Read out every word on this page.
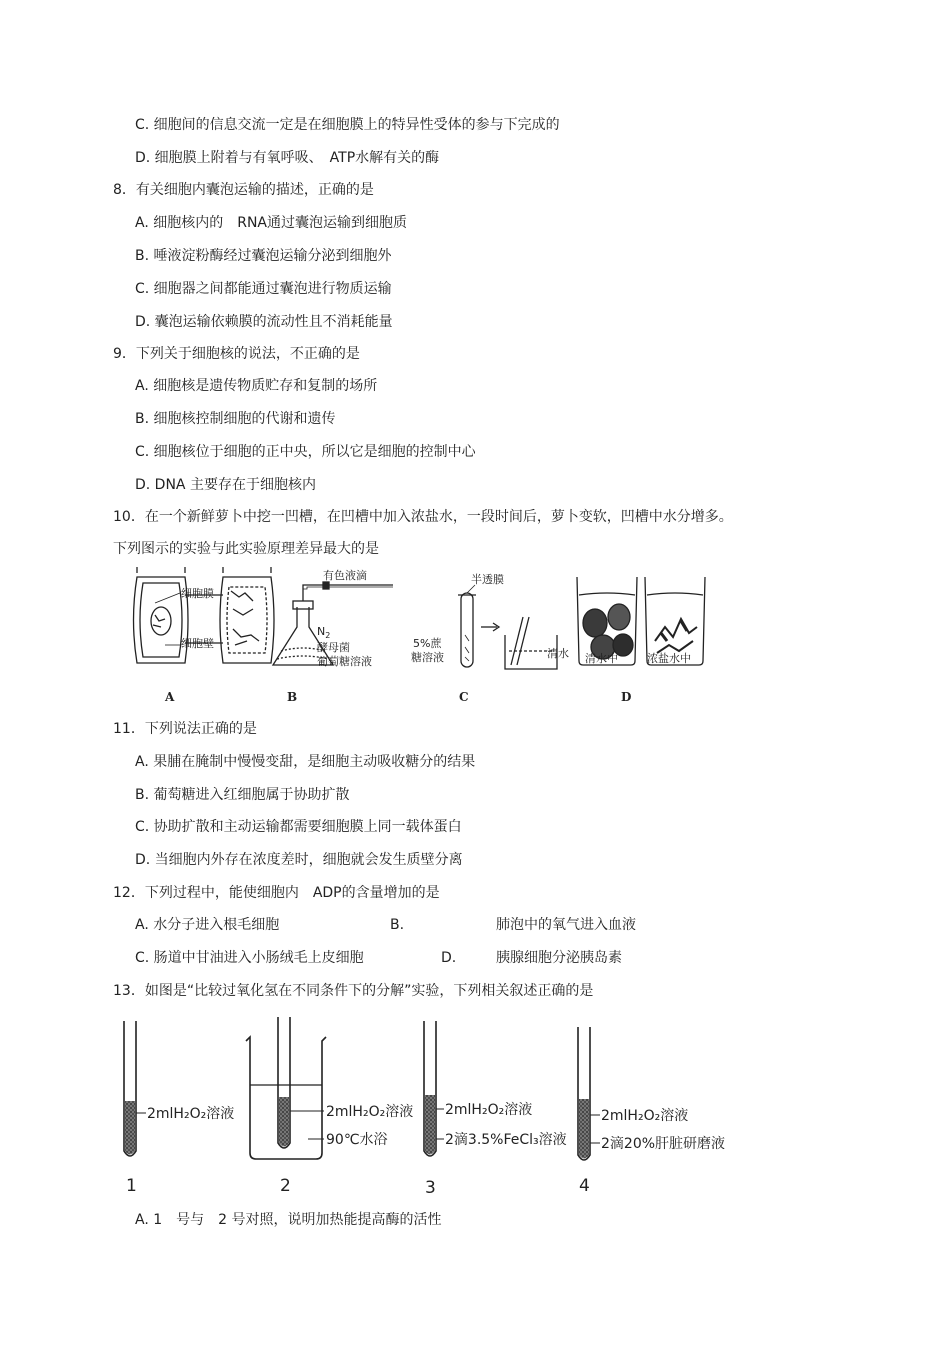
C. 细胞间的信息交流一定是在细胞膜上的特异性受体的参与下完成的
D. 细胞膜上附着与有氧呼吸、　ATP水解有关的酶
8．有关细胞内囊泡运输的描述，正确的是
A. 细胞核内的　RNA通过囊泡运输到细胞质
B. 唾液淀粉酶经过囊泡运输分泌到细胞外
C. 细胞器之间都能通过囊泡进行物质运输
D. 囊泡运输依赖膜的流动性且不消耗能量
9．下列关于细胞核的说法，不正确的是
A. 细胞核是遗传物质贮存和复制的场所
B. 细胞核控制细胞的代谢和遗传
C. 细胞核位于细胞的正中央，所以它是细胞的控制中心
D. DNA 主要存在于细胞核内
10．在一个新鲜萝卜中挖一凹槽，在凹槽中加入浓盐水，一段时间后，萝卜变软，凹槽中水分增多。
下列图示的实验与此实验原理差异最大的是
细胞膜
细胞壁
有色液滴
$N_2$
酵母菌
葡萄糖溶液
半透膜
5%蔗
糖溶液	清水 清水中	浓盐水中
A	B	C	D
11．下列说法正确的是
A. 果脯在腌制中慢慢变甜，是细胞主动吸收糖分的结果
B. 葡萄糖进入红细胞属于协助扩散
C. 协助扩散和主动运输都需要细胞膜上同一载体蛋白
D. 当细胞内外存在浓度差时，细胞就会发生质壁分离
12．下列过程中，能使细胞内　ADP的含量增加的是
A. 水分子进入根毛细胞	B.	肺泡中的氧气进入血液
C. 肠道中甘油进入小肠绒毛上皮细胞	D.	胰腺细胞分泌胰岛素
13．如图是“比较过氧化氢在不同条件下的分解”实验，下列相关叙述正确的是
2mlH₂O₂溶液
1
2mlH₂O₂溶液
90℃水浴
2
2mlH₂O₂溶液
2滴3.5%FeCl₃溶液
3
2mlH₂O₂溶液
2滴20%肝脏研磨液
4
A. 1　号与　2 号对照，说明加热能提高酶的活性
